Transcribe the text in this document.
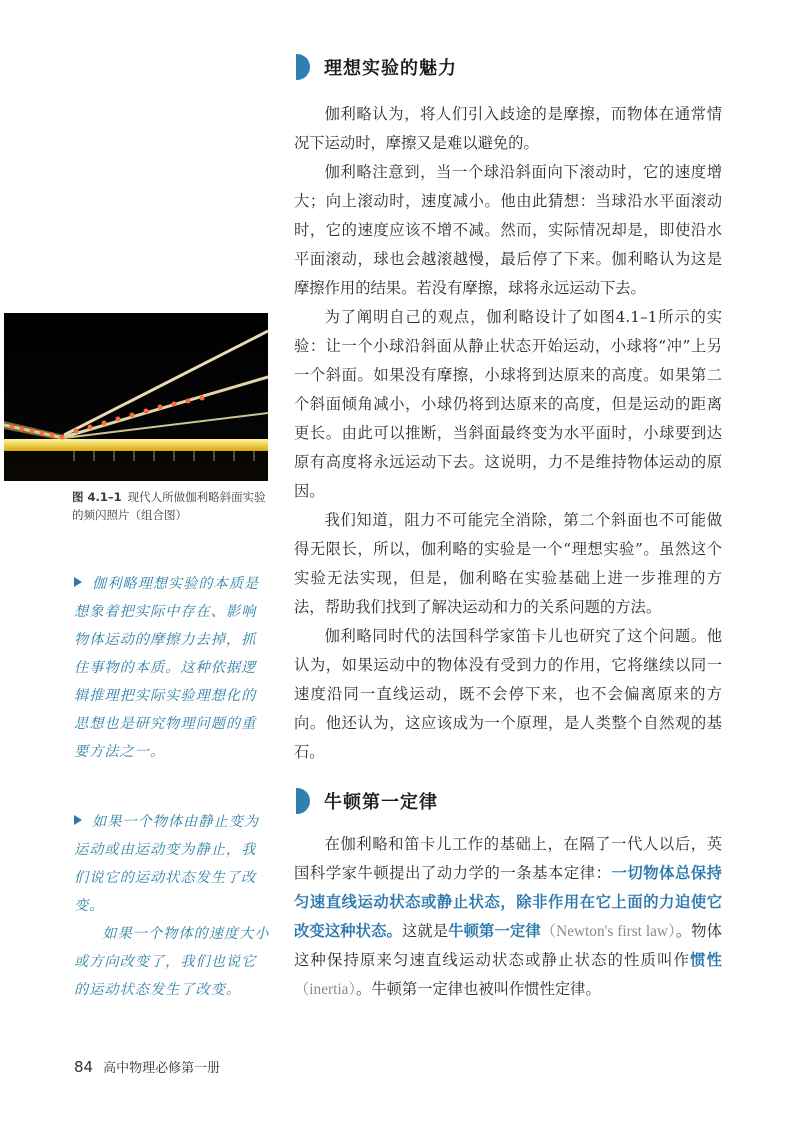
理想实验的魅力

伽利略认为，将人们引入歧途的是摩擦，而物体在通常情况下运动时，摩擦又是难以避免的。

伽利略注意到，当一个球沿斜面向下滚动时，它的速度增大；向上滚动时，速度减小。他由此猜想：当球沿水平面滚动时，它的速度应该不增不减。然而，实际情况却是，即使沿水平面滚动，球也会越滚越慢，最后停了下来。伽利略认为这是摩擦作用的结果。若没有摩擦，球将永远运动下去。

为了阐明自己的观点，伽利略设计了如图4.1–1所示的实验：让一个小球沿斜面从静止状态开始运动，小球将“冲”上另一个斜面。如果没有摩擦，小球将到达原来的高度。如果第二个斜面倾角减小，小球仍将到达原来的高度，但是运动的距离更长。由此可以推断，当斜面最终变为水平面时，小球要到达原有高度将永远运动下去。这说明，力不是维持物体运动的原因。

我们知道，阻力不可能完全消除，第二个斜面也不可能做得无限长，所以，伽利略的实验是一个“理想实验”。虽然这个实验无法实现，但是，伽利略在实验基础上进一步推理的方法，帮助我们找到了解决运动和力的关系问题的方法。

伽利略同时代的法国科学家笛卡儿也研究了这个问题。他认为，如果运动中的物体没有受到力的作用，它将继续以同一速度沿同一直线运动，既不会停下来，也不会偏离原来的方向。他还认为，这应该成为一个原理，是人类整个自然观的基石。

牛顿第一定律

在伽利略和笛卡儿工作的基础上，在隔了一代人以后，英国科学家牛顿提出了动力学的一条基本定律：一切物体总保持匀速直线运动状态或静止状态，除非作用在它上面的力迫使它改变这种状态。这就是牛顿第一定律（Newton's first law）。物体这种保持原来匀速直线运动状态或静止状态的性质叫作惯性（inertia）。牛顿第一定律也被叫作惯性定律。

图 4.1–1 现代人所做伽利略斜面实验的频闪照片（组合图）

伽利略理想实验的本质是想象着把实际中存在、影响物体运动的摩擦力去掉，抓住事物的本质。这种依据逻辑推理把实际实验理想化的思想也是研究物理问题的重要方法之一。

如果一个物体由静止变为运动或由运动变为静止，我们说它的运动状态发生了改变。

如果一个物体的速度大小或方向改变了，我们也说它的运动状态发生了改变。

84 高中物理必修第一册
